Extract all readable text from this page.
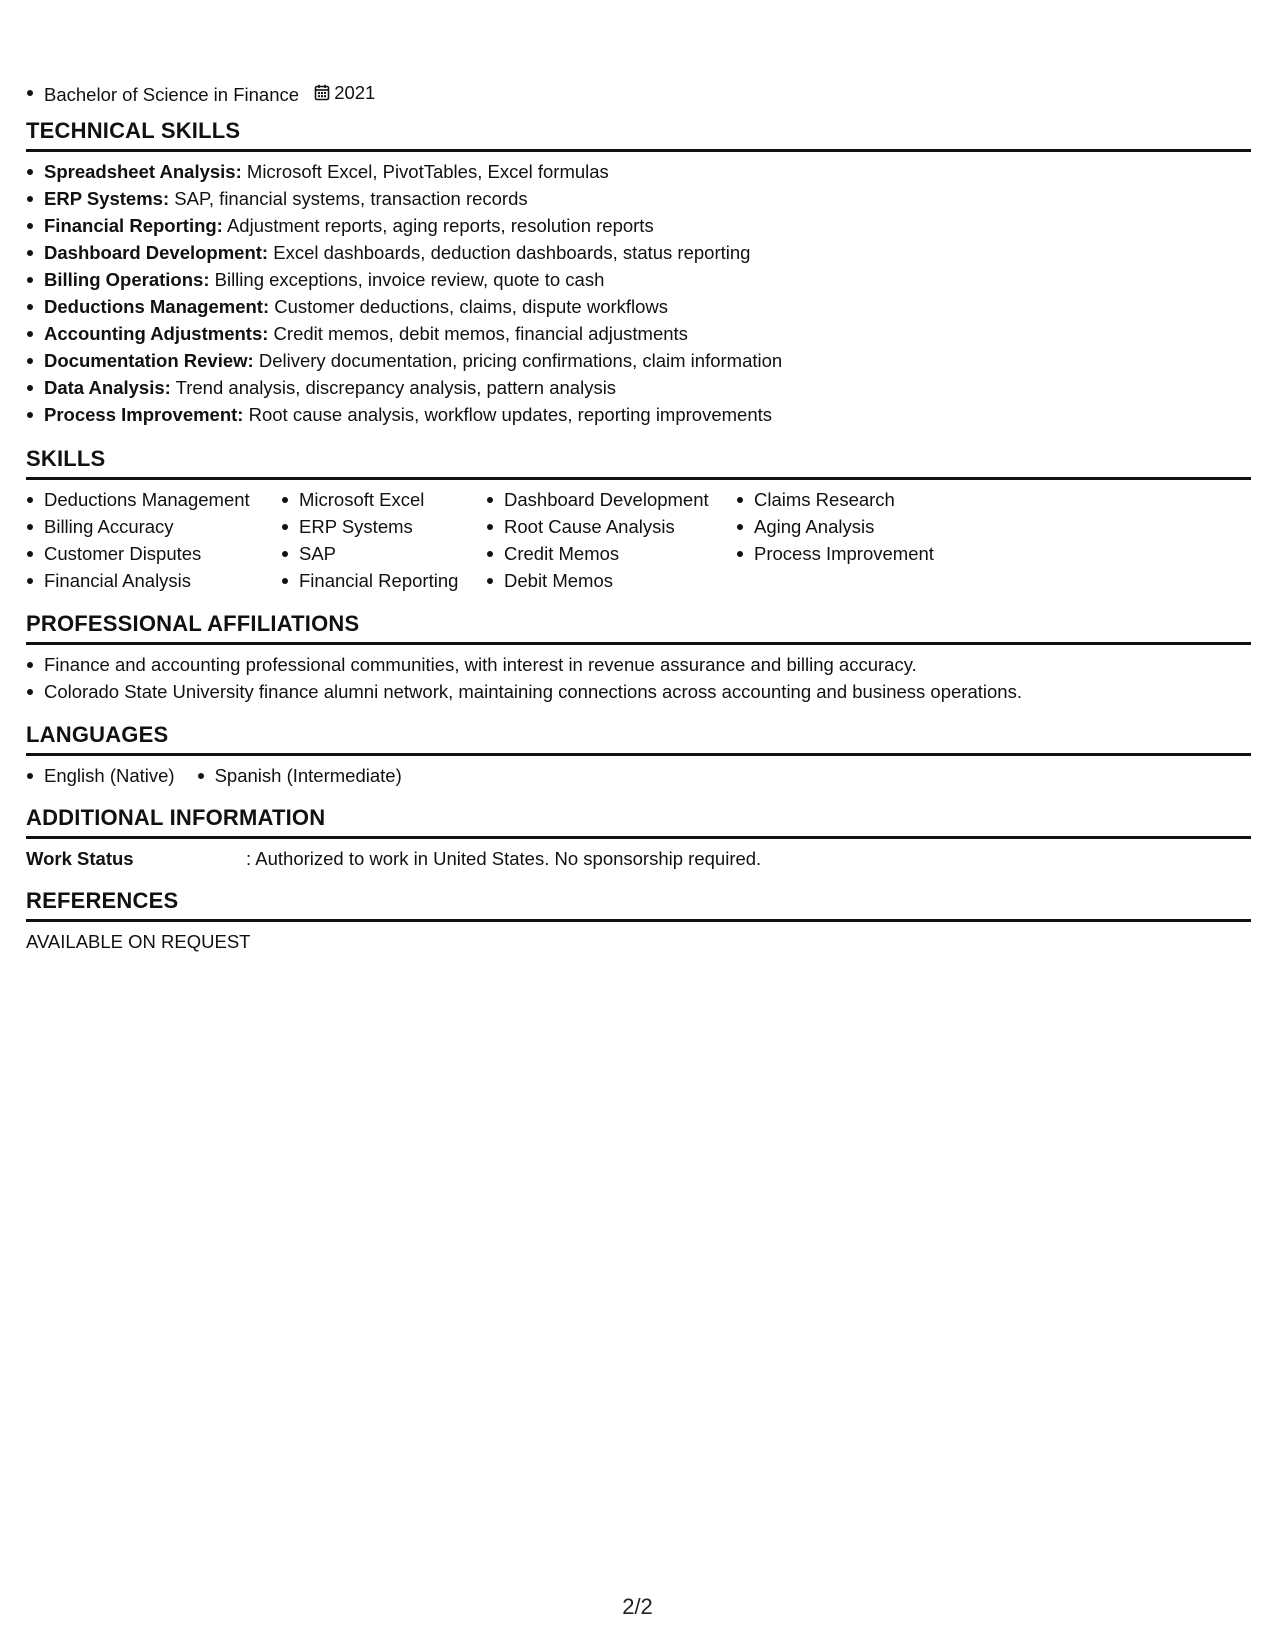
Bachelor of Science in Finance 2021
TECHNICAL SKILLS
Spreadsheet Analysis: Microsoft Excel, PivotTables, Excel formulas
ERP Systems: SAP, financial systems, transaction records
Financial Reporting: Adjustment reports, aging reports, resolution reports
Dashboard Development: Excel dashboards, deduction dashboards, status reporting
Billing Operations: Billing exceptions, invoice review, quote to cash
Deductions Management: Customer deductions, claims, dispute workflows
Accounting Adjustments: Credit memos, debit memos, financial adjustments
Documentation Review: Delivery documentation, pricing confirmations, claim information
Data Analysis: Trend analysis, discrepancy analysis, pattern analysis
Process Improvement: Root cause analysis, workflow updates, reporting improvements
SKILLS
Deductions Management
Billing Accuracy
Customer Disputes
Financial Analysis
Microsoft Excel
ERP Systems
SAP
Financial Reporting
Dashboard Development
Root Cause Analysis
Credit Memos
Debit Memos
Claims Research
Aging Analysis
Process Improvement
PROFESSIONAL AFFILIATIONS
Finance and accounting professional communities, with interest in revenue assurance and billing accuracy.
Colorado State University finance alumni network, maintaining connections across accounting and business operations.
LANGUAGES
English (Native)	Spanish (Intermediate)
ADDITIONAL INFORMATION
Work Status	: Authorized to work in United States. No sponsorship required.
REFERENCES
AVAILABLE ON REQUEST
2/2
